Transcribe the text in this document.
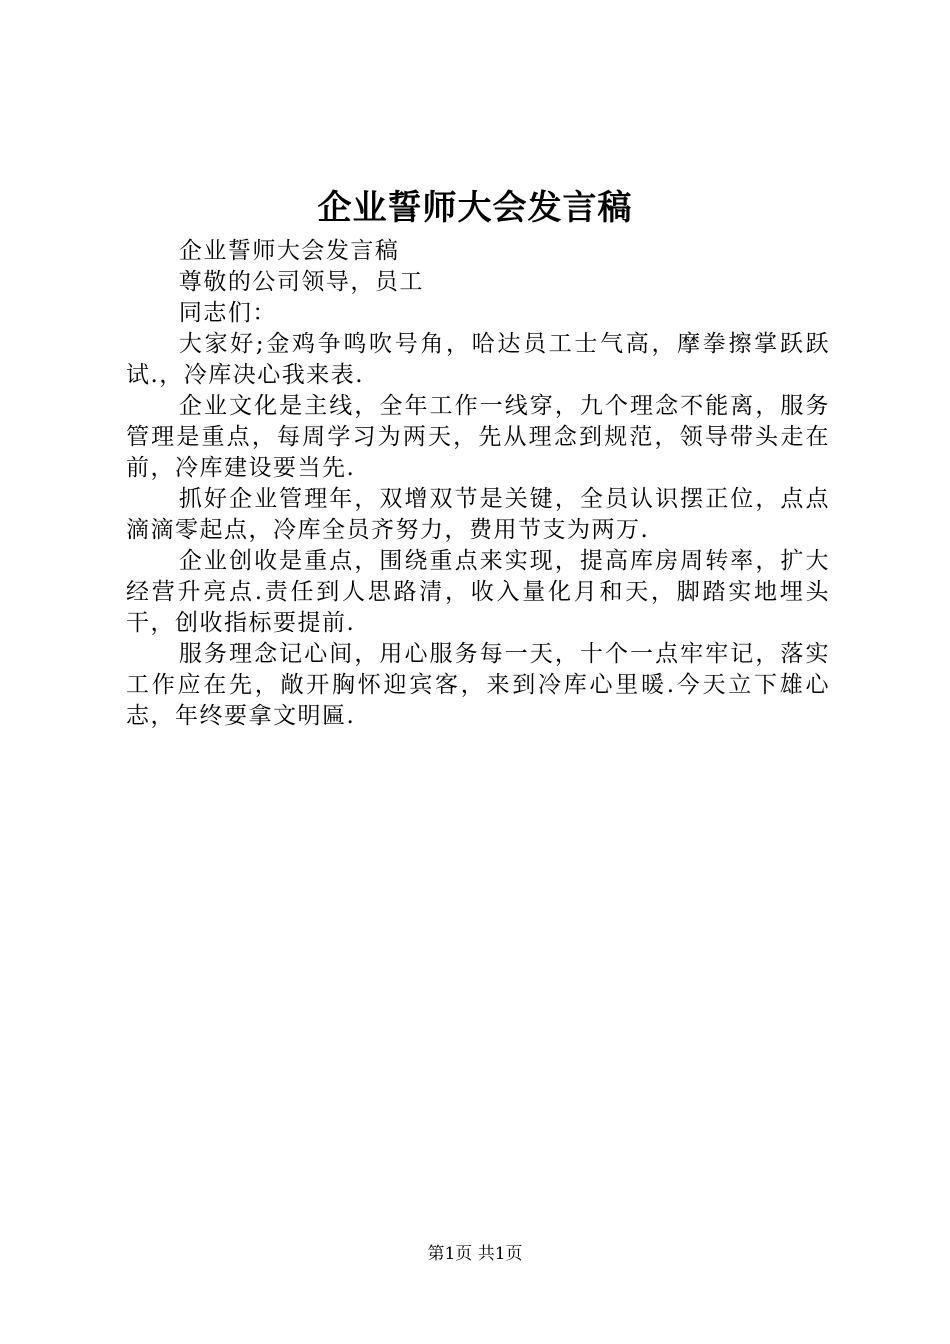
企业誓师大会发言稿

企业誓师大会发言稿

尊敬的公司领导，员工

同志们：

大家好;金鸡争鸣吹号角，哈达员工士气高，摩拳擦掌跃跃试.，冷库决心我来表.

企业文化是主线，全年工作一线穿，九个理念不能离，服务管理是重点，每周学习为两天，先从理念到规范，领导带头走在前，冷库建设要当先.

抓好企业管理年，双增双节是关键，全员认识摆正位，点点滴滴零起点，冷库全员齐努力，费用节支为两万.

企业创收是重点，围绕重点来实现，提高库房周转率，扩大经营升亮点.责任到人思路清，收入量化月和天，脚踏实地埋头干，创收指标要提前.

服务理念记心间，用心服务每一天，十个一点牢牢记，落实工作应在先，敞开胸怀迎宾客，来到冷库心里暖.今天立下雄心志，年终要拿文明匾.

第1页 共1页
